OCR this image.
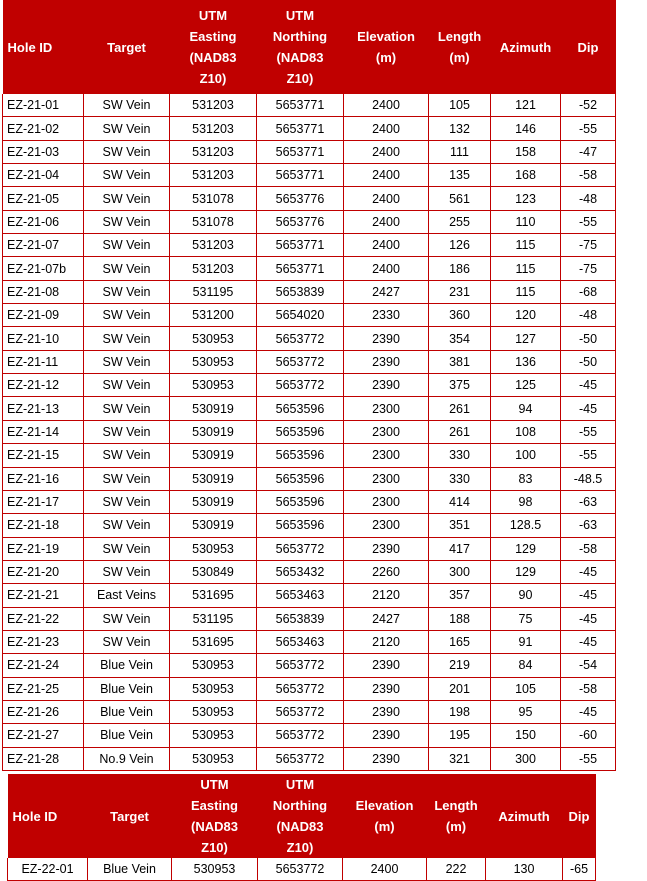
Hole ID	Target	UTM
Easting
(NAD83
Z10)	UTM
Northing
(NAD83
Z10)	Elevation
(m)	Length
(m)	Azimuth	Dip

EZ-21-01	SW Vein	531203	5653771	2400	105	121	-52
EZ-21-02	SW Vein	531203	5653771	2400	132	146	-55
EZ-21-03	SW Vein	531203	5653771	2400	111	158	-47
EZ-21-04	SW Vein	531203	5653771	2400	135	168	-58
EZ-21-05	SW Vein	531078	5653776	2400	561	123	-48
EZ-21-06	SW Vein	531078	5653776	2400	255	110	-55
EZ-21-07	SW Vein	531203	5653771	2400	126	115	-75
EZ-21-07b	SW Vein	531203	5653771	2400	186	115	-75
EZ-21-08	SW Vein	531195	5653839	2427	231	115	-68
EZ-21-09	SW Vein	531200	5654020	2330	360	120	-48
EZ-21-10	SW Vein	530953	5653772	2390	354	127	-50
EZ-21-11	SW Vein	530953	5653772	2390	381	136	-50
EZ-21-12	SW Vein	530953	5653772	2390	375	125	-45
EZ-21-13	SW Vein	530919	5653596	2300	261	94	-45
EZ-21-14	SW Vein	530919	5653596	2300	261	108	-55
EZ-21-15	SW Vein	530919	5653596	2300	330	100	-55
EZ-21-16	SW Vein	530919	5653596	2300	330	83	-48.5
EZ-21-17	SW Vein	530919	5653596	2300	414	98	-63
EZ-21-18	SW Vein	530919	5653596	2300	351	128.5	-63
EZ-21-19	SW Vein	530953	5653772	2390	417	129	-58
EZ-21-20	SW Vein	530849	5653432	2260	300	129	-45
EZ-21-21	East Veins	531695	5653463	2120	357	90	-45
EZ-21-22	SW Vein	531195	5653839	2427	188	75	-45
EZ-21-23	SW Vein	531695	5653463	2120	165	91	-45
EZ-21-24	Blue Vein	530953	5653772	2390	219	84	-54
EZ-21-25	Blue Vein	530953	5653772	2390	201	105	-58
EZ-21-26	Blue Vein	530953	5653772	2390	198	95	-45
EZ-21-27	Blue Vein	530953	5653772	2390	195	150	-60
EZ-21-28	No.9 Vein	530953	5653772	2390	321	300	-55
Hole ID	Target	UTM
Easting
(NAD83
Z10)	UTM
Northing
(NAD83
Z10)	Elevation
(m)	Length
(m)	Azimuth	Dip

EZ-22-01	Blue Vein	530953	5653772	2400	222	130	-65
